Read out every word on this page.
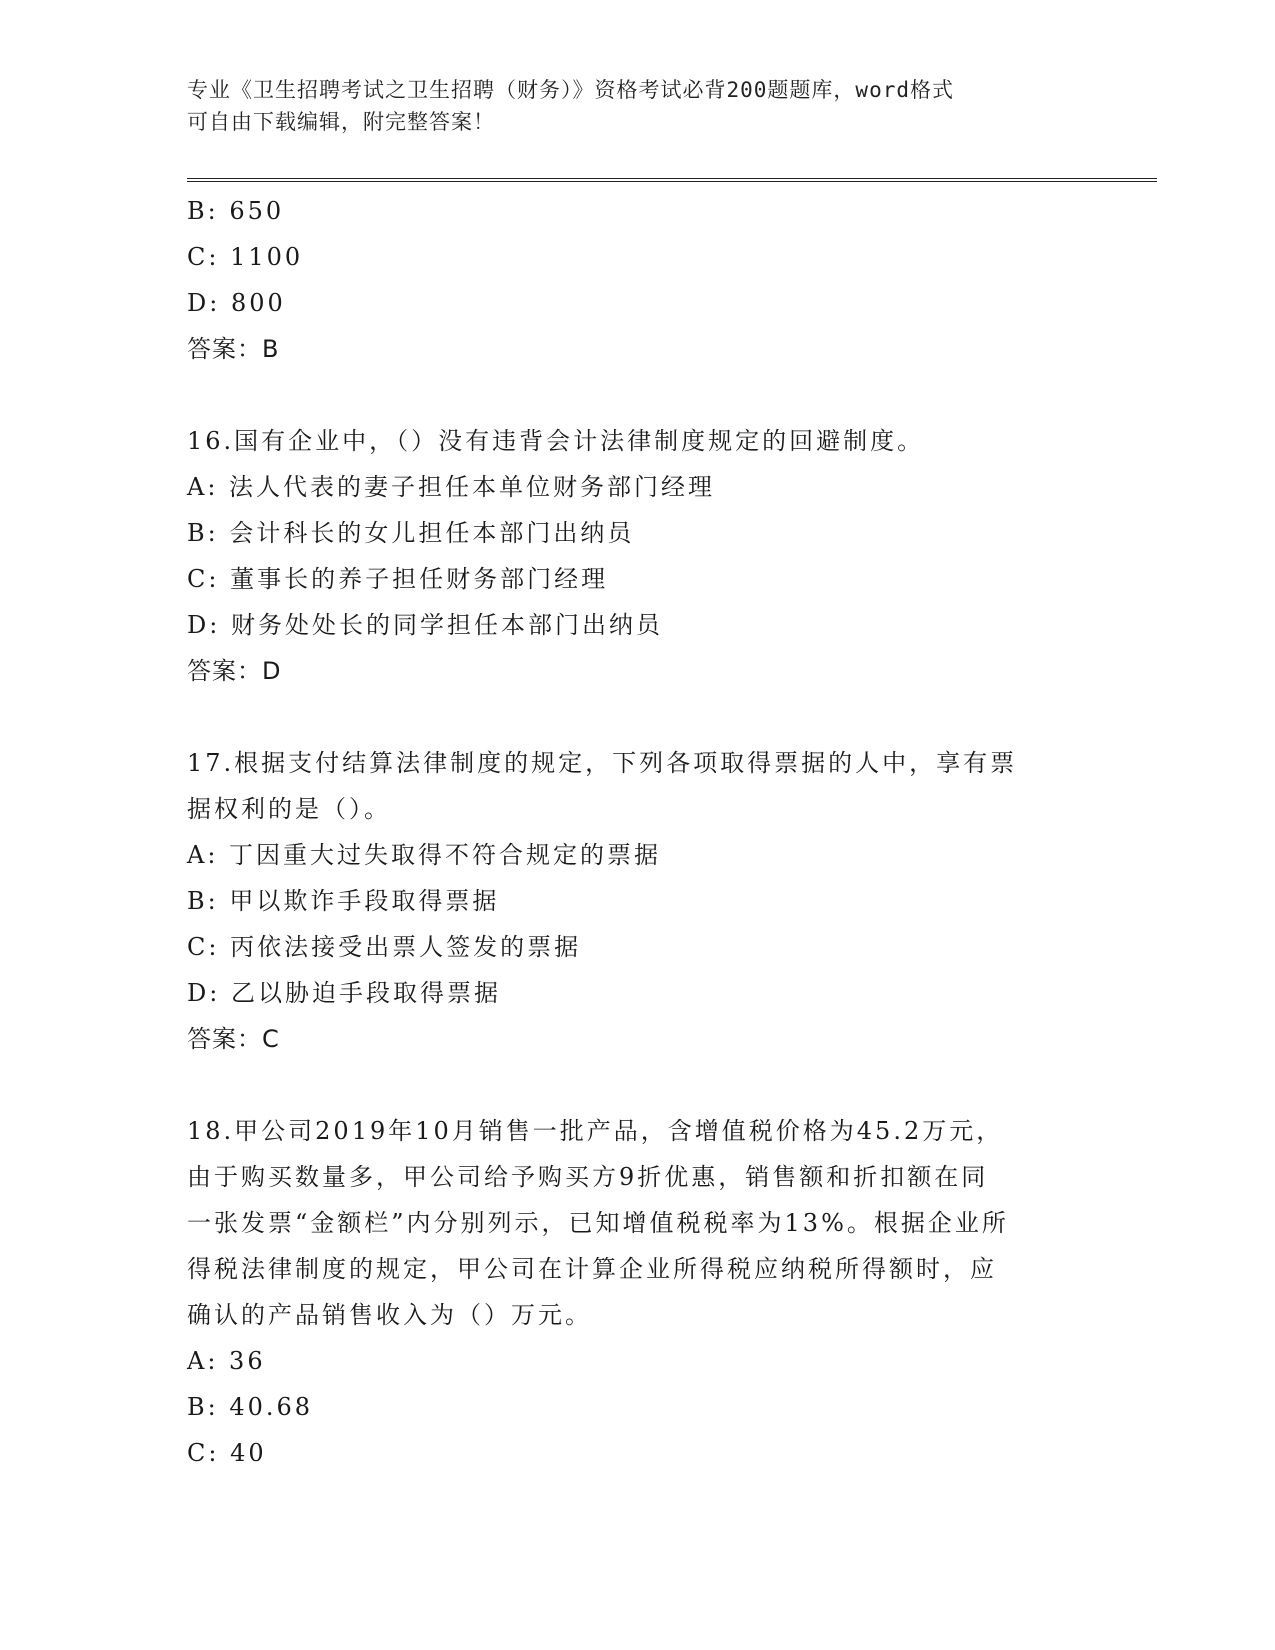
专业《卫生招聘考试之卫生招聘（财务）》资格考试必背200题题库，word格式
可自由下载编辑，附完整答案！
B: 650
C: 1100
D: 800
答案：B
16.国有企业中，（）没有违背会计法律制度规定的回避制度。
A: 法人代表的妻子担任本单位财务部门经理
B: 会计科长的女儿担任本部门出纳员
C: 董事长的养子担任财务部门经理
D: 财务处处长的同学担任本部门出纳员
答案：D
17.根据支付结算法律制度的规定，下列各项取得票据的人中，享有票
据权利的是（）。
A: 丁因重大过失取得不符合规定的票据
B: 甲以欺诈手段取得票据
C: 丙依法接受出票人签发的票据
D: 乙以胁迫手段取得票据
答案：C
18.甲公司2019年10月销售一批产品，含增值税价格为45.2万元，
由于购买数量多，甲公司给予购买方9折优惠，销售额和折扣额在同
一张发票“金额栏”内分别列示，已知增值税税率为13%。根据企业所
得税法律制度的规定，甲公司在计算企业所得税应纳税所得额时，应
确认的产品销售收入为（）万元。
A: 36
B: 40.68
C: 40
